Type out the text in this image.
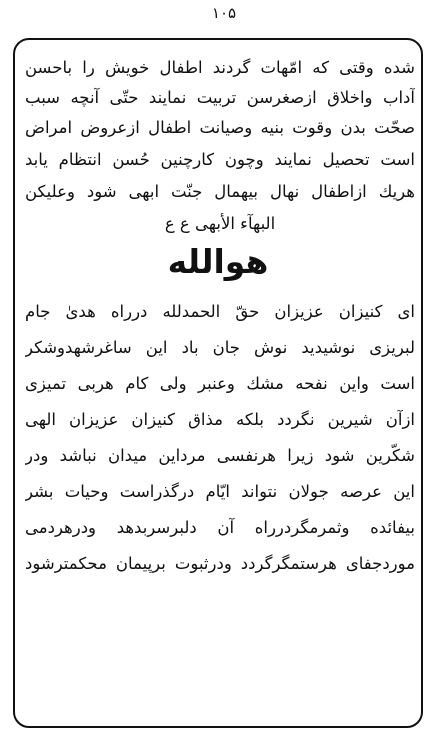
۱۰۵
شده وقتی که امّهات گردند اطفال خویش را باحسن
آداب واخلاق ازصغرسن تربیت نمایند حتّی آنچه سبب
صحّت بدن وقوت بنیه وصیانت اطفال ازعروض امراض
است تحصیل نمایند وچون کارچنین حُسن انتظام یابد
هریك ازاطفال نهال بیهمال جنّت ابهی شود وعلیکن
البهآء الأبهی ع ع
هوالله
ای کنیزان عزیزان حقّ الحمدلله درراه هدیٰ جام
لبریزی نوشیدید نوش جان باد این ساغرشهدوشکر
است واین نفحه مشك وعنبر ولی کام هربی تمیزی
ازآن شیرین نگردد بلکه مذاق کنیزان عزیزان الهی
شکّرین شود زیرا هرنفسی مرداین میدان نباشد ودر
این عرصه جولان نتواند ایّام درگذراست وحیات بشر
بیفائده وثمرمگردرراه آن دلبرسربدهد ودرهردمی
موردجفای هرستمگرگردد ودرثبوت برپیمان محکمترشود
